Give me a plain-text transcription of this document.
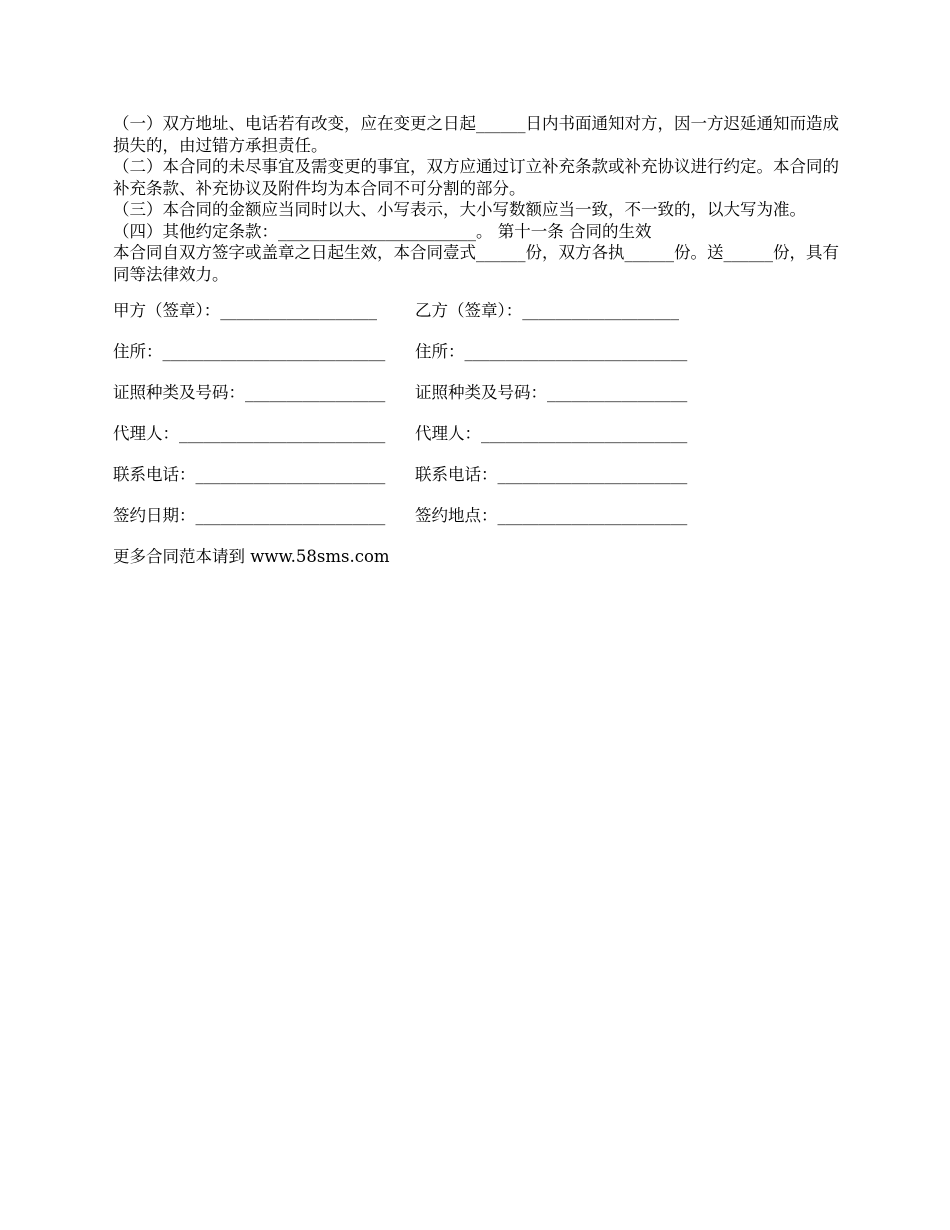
（一）双方地址、电话若有改变，应在变更之日起______日内书面通知对方，因一方迟延通知而造成损失的，由过错方承担责任。

（二）本合同的未尽事宜及需变更的事宜，双方应通过订立补充条款或补充协议进行约定。本合同的补充条款、补充协议及附件均为本合同不可分割的部分。

（三）本合同的金额应当同时以大、小写表示，大小写数额应当一致，不一致的，以大写为准。

（四）其他约定条款：________________________。 第十一条 合同的生效

本合同自双方签字或盖章之日起生效，本合同壹式______份，双方各执______份。送______份，具有同等法律效力。

甲方（签章）：___________________	乙方（签章）：___________________
住所：___________________________	住所：___________________________
证照种类及号码：_________________	证照种类及号码：_________________
代理人：_________________________	代理人：_________________________
联系电话：_______________________	联系电话：_______________________
签约日期：_______________________	签约地点：_______________________
更多合同范本请到 www.58sms.com
